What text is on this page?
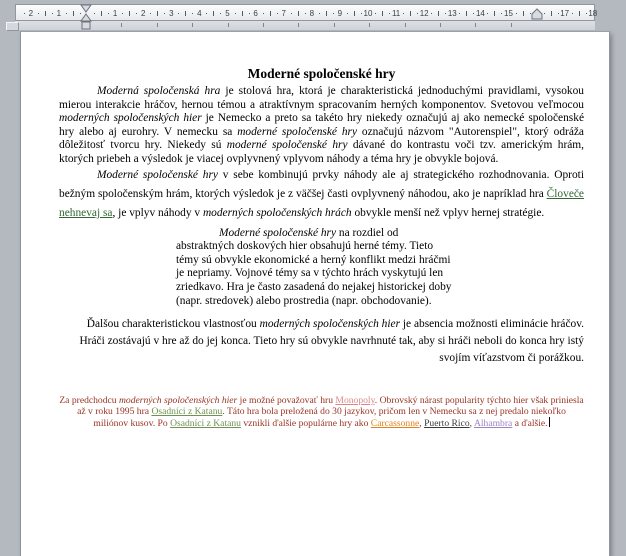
2	1	1	2	3	4	5	6	7	8	9	10 11 12 13 14 15	17 18

Moderné spoločenské hry

Moderná spoločenská hra je stolová hra, ktorá je charakteristická jednoduchými pravidlami, vysokou mierou interakcie hráčov, hernou témou a atraktívnym spracovaním herných komponentov. Svetovou veľmocou moderných spoločenských hier je Nemecko a preto sa takéto hry niekedy označujú aj ako nemecké spoločenské hry alebo aj eurohry. V nemecku sa moderné spoločenské hry označujú názvom "Autorenspiel", ktorý odráža dôležitosť tvorcu hry. Niekedy sú moderné spoločenské hry dávané do kontrastu voči tzv. americkým hrám, ktorých priebeh a výsledok je viacej ovplyvnený vplyvom náhody a téma hry je obvykle bojová.

Moderné spoločenské hry v sebe kombinujú prvky náhody ale aj strategického rozhodnovania. Oproti bežným spoločenským hrám, ktorých výsledok je z väčšej časti ovplyvnený náhodou, ako je napríklad hra Človeče nehnevaj sa, je vplyv náhody v moderných spoločenských hrách obvykle menší než vplyv hernej stratégie.

Moderné spoločenské hry na rozdiel od abstraktných doskových hier obsahujú herné témy. Tieto témy sú obvykle ekonomické a herný konflikt medzi hráčmi je nepriamy. Vojnové témy sa v týchto hrách vyskytujú len zriedkavo. Hra je často zasadená do nejakej historickej doby (napr. stredovek) alebo prostredia (napr. obchodovanie).

Ďalšou charakteristickou vlastnosťou moderných spoločenských hier je absencia možnosti eliminácie hráčov. Hráči zostávajú v hre až do jej konca. Tieto hry sú obvykle navrhnuté tak, aby si hráči neboli do konca hry istý svojím víťazstvom či porážkou.

Za predchodcu moderných spoločenských hier je možné považovať hru Monopoly. Obrovský nárast popularity týchto hier však priniesla až v roku 1995 hra Osadníci z Katanu. Táto hra bola preložená do 30 jazykov, pričom len v Nemecku sa z nej predalo niekoľko miliónov kusov. Po Osadníci z Katanu vznikli ďalšie populárne hry ako Carcassonne, Puerto Rico, Alhambra a ďalšie.
